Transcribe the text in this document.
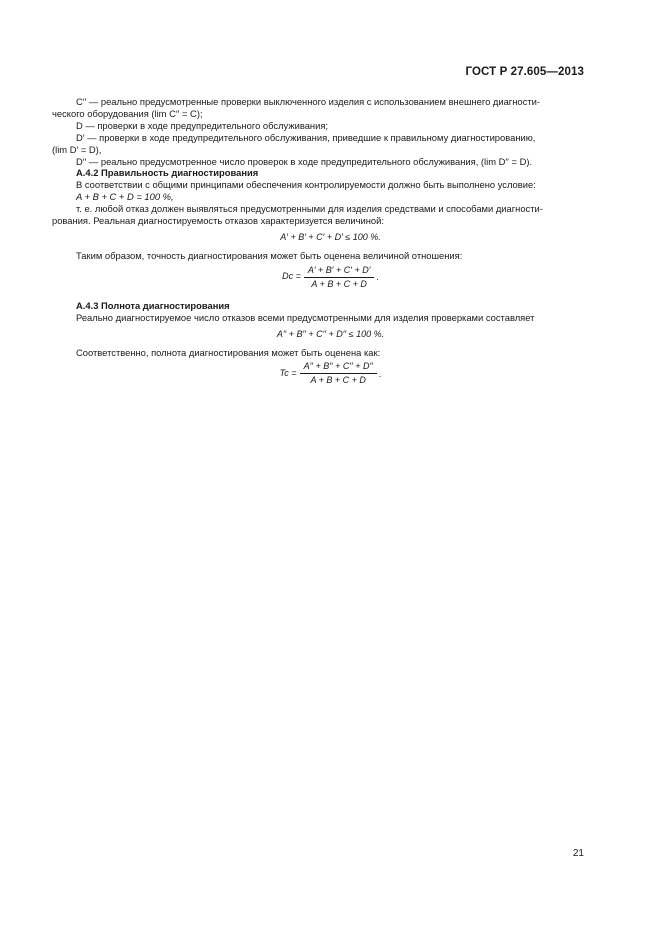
ГОСТ Р 27.605—2013

C′′ — реально предусмотренные проверки выключенного изделия с использованием внешнего диагности-

ческого оборудования (lim C′′ = C);

D — проверки в ходе предупредительного обслуживания;

D′ — проверки в ходе предупредительного обслуживания, приведшие к правильному диагностированию,

(lim D′ = D),

D′′ — реально предусмотренное число проверок в ходе предупредительного обслуживания, (lim D′′ = D).

А.4.2 Правильность диагностирования

В соответствии с общими принципами обеспечения контролируемости должно быть выполнено условие:

A + B + C + D = 100 %,

т. е. любой отказ должен выявляться предусмотренными для изделия средствами и способами диагности-

рования. Реальная диагностируемость отказов характеризуется величиной:

A′ + B′ + C′ + D′ ≤ 100 %.

Таким образом, точность диагностирования может быть оценена величиной отношения:

$Dc = \frac{A' + B' + C' + D'}{A + B + C + D}$ .

А.4.3 Полнота диагностирования

Реально диагностируемое число отказов всеми предусмотренными для изделия проверками составляет

A′′ + B′′ + C′′ + D′′ ≤ 100 %.

Соответственно, полнота диагностирования может быть оценена как:

$Tc = \frac{A'' + B'' + C'' + D''}{A + B + C + D}$ .
21
